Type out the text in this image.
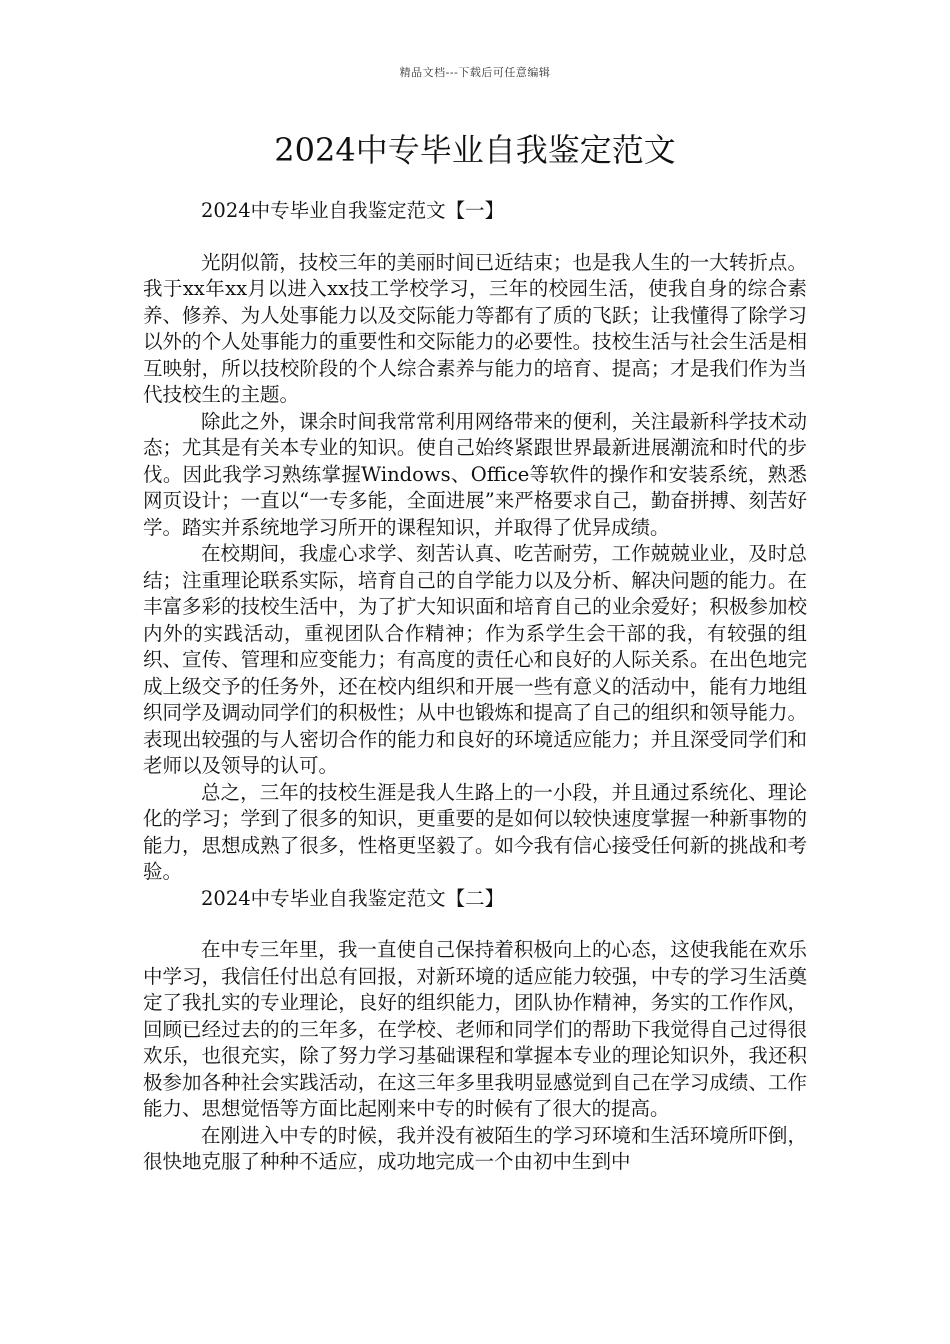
精品文档---下载后可任意编辑
2024中专毕业自我鉴定范文
2024中专毕业自我鉴定范文【一】

光阴似箭，技校三年的美丽时间已近结束；也是我人生的一大转折点。我于xx年xx月以进入xx技工学校学习，三年的校园生活，使我自身的综合素养、修养、为人处事能力以及交际能力等都有了质的飞跃；让我懂得了除学习以外的个人处事能力的重要性和交际能力的必要性。技校生活与社会生活是相互映射，所以技校阶段的个人综合素养与能力的培育、提高；才是我们作为当代技校生的主题。

除此之外，课余时间我常常利用网络带来的便利，关注最新科学技术动态；尤其是有关本专业的知识。使自己始终紧跟世界最新进展潮流和时代的步伐。因此我学习熟练掌握Windows、Office等软件的操作和安装系统，熟悉网页设计；一直以“一专多能，全面进展”来严格要求自己，勤奋拼搏、刻苦好学。踏实并系统地学习所开的课程知识，并取得了优异成绩。

在校期间，我虚心求学、刻苦认真、吃苦耐劳，工作兢兢业业，及时总结；注重理论联系实际，培育自己的自学能力以及分析、解决问题的能力。在丰富多彩的技校生活中，为了扩大知识面和培育自己的业余爱好；积极参加校内外的实践活动，重视团队合作精神；作为系学生会干部的我，有较强的组织、宣传、管理和应变能力；有高度的责任心和良好的人际关系。在出色地完成上级交予的任务外，还在校内组织和开展一些有意义的活动中，能有力地组织同学及调动同学们的积极性；从中也锻炼和提高了自己的组织和领导能力。表现出较强的与人密切合作的能力和良好的环境适应能力；并且深受同学们和老师以及领导的认可。

总之，三年的技校生涯是我人生路上的一小段，并且通过系统化、理论化的学习；学到了很多的知识，更重要的是如何以较快速度掌握一种新事物的能力，思想成熟了很多，性格更坚毅了。如今我有信心接受任何新的挑战和考验。

2024中专毕业自我鉴定范文【二】

在中专三年里，我一直使自己保持着积极向上的心态，这使我能在欢乐中学习，我信任付出总有回报，对新环境的适应能力较强，中专的学习生活奠定了我扎实的专业理论，良好的组织能力，团队协作精神，务实的工作作风，回顾已经过去的的三年多，在学校、老师和同学们的帮助下我觉得自己过得很欢乐，也很充实，除了努力学习基础课程和掌握本专业的理论知识外，我还积极参加各种社会实践活动，在这三年多里我明显感觉到自己在学习成绩、工作能力、思想觉悟等方面比起刚来中专的时候有了很大的提高。

在刚进入中专的时候，我并没有被陌生的学习环境和生活环境所吓倒，很快地克服了种种不适应，成功地完成一个由初中生到中
